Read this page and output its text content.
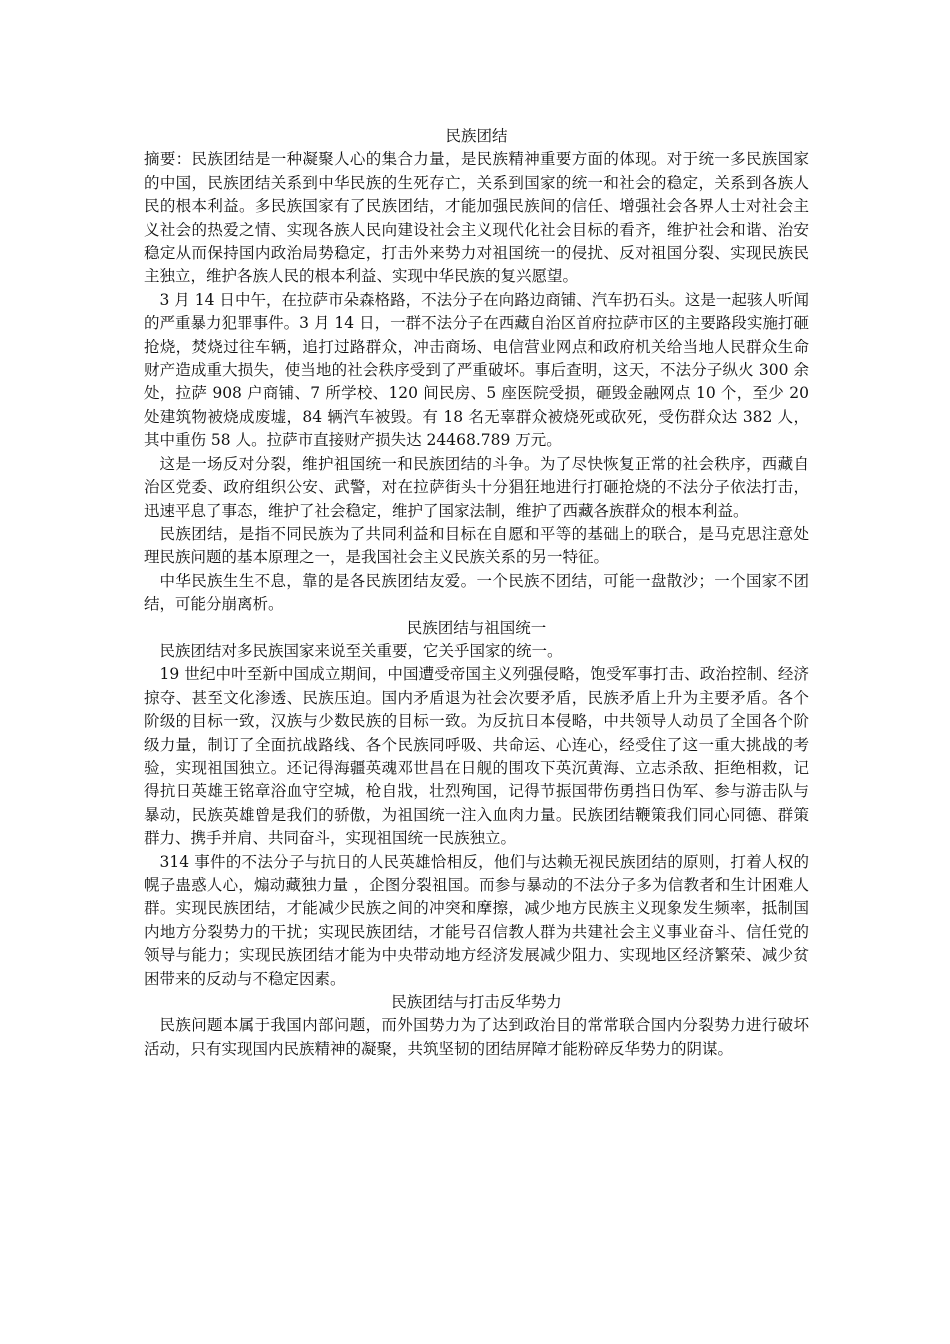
民族团结

摘要：民族团结是一种凝聚人心的集合力量，是民族精神重要方面的体现。对于统一多民族国家的中国，民族团结关系到中华民族的生死存亡，关系到国家的统一和社会的稳定，关系到各族人民的根本利益。多民族国家有了民族团结，才能加强民族间的信任、增强社会各界人士对社会主义社会的热爱之情、实现各族人民向建设社会主义现代化社会目标的看齐，维护社会和谐、治安稳定从而保持国内政治局势稳定，打击外来势力对祖国统一的侵扰、反对祖国分裂、实现民族民主独立，维护各族人民的根本利益、实现中华民族的复兴愿望。

3 月 14 日中午，在拉萨市朵森格路，不法分子在向路边商铺、汽车扔石头。这是一起骇人听闻的严重暴力犯罪事件。3 月 14 日，一群不法分子在西藏自治区首府拉萨市区的主要路段实施打砸抢烧，焚烧过往车辆，追打过路群众，冲击商场、电信营业网点和政府机关给当地人民群众生命财产造成重大损失，使当地的社会秩序受到了严重破坏。事后查明，这天，不法分子纵火 300 余处，拉萨 908 户商铺、7 所学校、120 间民房、5 座医院受损，砸毁金融网点 10 个，至少 20 处建筑物被烧成废墟，84 辆汽车被毁。有 18 名无辜群众被烧死或砍死，受伤群众达 382 人，其中重伤 58 人。拉萨市直接财产损失达 24468.789 万元。

这是一场反对分裂，维护祖国统一和民族团结的斗争。为了尽快恢复正常的社会秩序，西藏自治区党委、政府组织公安、武警，对在拉萨街头十分猖狂地进行打砸抢烧的不法分子依法打击，迅速平息了事态，维护了社会稳定，维护了国家法制，维护了西藏各族群众的根本利益。

民族团结，是指不同民族为了共同利益和目标在自愿和平等的基础上的联合，是马克思注意处理民族问题的基本原理之一，是我国社会主义民族关系的另一特征。

中华民族生生不息，靠的是各民族团结友爱。一个民族不团结，可能一盘散沙；一个国家不团结，可能分崩离析。

民族团结与祖国统一

民族团结对多民族国家来说至关重要，它关乎国家的统一。

19 世纪中叶至新中国成立期间，中国遭受帝国主义列强侵略，饱受军事打击、政治控制、经济掠夺、甚至文化渗透、民族压迫。国内矛盾退为社会次要矛盾，民族矛盾上升为主要矛盾。各个阶级的目标一致，汉族与少数民族的目标一致。为反抗日本侵略，中共领导人动员了全国各个阶级力量，制订了全面抗战路线、各个民族同呼吸、共命运、心连心，经受住了这一重大挑战的考验，实现祖国独立。还记得海疆英魂邓世昌在日舰的围攻下英沉黄海、立志杀敌、拒绝相救，记得抗日英雄王铭章浴血守空城，枪自戕，壮烈殉国，记得节振国带伤勇挡日伪军、参与游击队与暴动，民族英雄曾是我们的骄傲，为祖国统一注入血肉力量。民族团结鞭策我们同心同德、群策群力、携手并肩、共同奋斗，实现祖国统一民族独立。

314 事件的不法分子与抗日的人民英雄恰相反，他们与达赖无视民族团结的原则，打着人权的幌子蛊惑人心，煽动藏独力量 ，企图分裂祖国。而参与暴动的不法分子多为信教者和生计困难人群。实现民族团结，才能减少民族之间的冲突和摩擦，减少地方民族主义现象发生频率，抵制国内地方分裂势力的干扰；实现民族团结，才能号召信教人群为共建社会主义事业奋斗、信任党的领导与能力；实现民族团结才能为中央带动地方经济发展减少阻力、实现地区经济繁荣、减少贫困带来的反动与不稳定因素。

民族团结与打击反华势力

民族问题本属于我国内部问题，而外国势力为了达到政治目的常常联合国内分裂势力进行破坏活动，只有实现国内民族精神的凝聚，共筑坚韧的团结屏障才能粉碎反华势力的阴谋。
